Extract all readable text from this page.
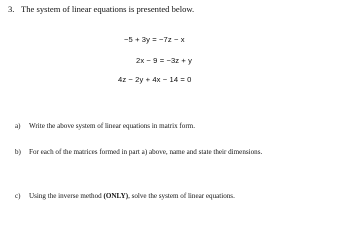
3. The system of linear equations is presented below.
−5 + 3y = −7z − x
2x − 9 = −3z + y
4z − 2y + 4x − 14 = 0
a) Write the above system of linear equations in matrix form.
b) For each of the matrices formed in part a) above, name and state their dimensions.
c) Using the inverse method (ONLY), solve the system of linear equations.
